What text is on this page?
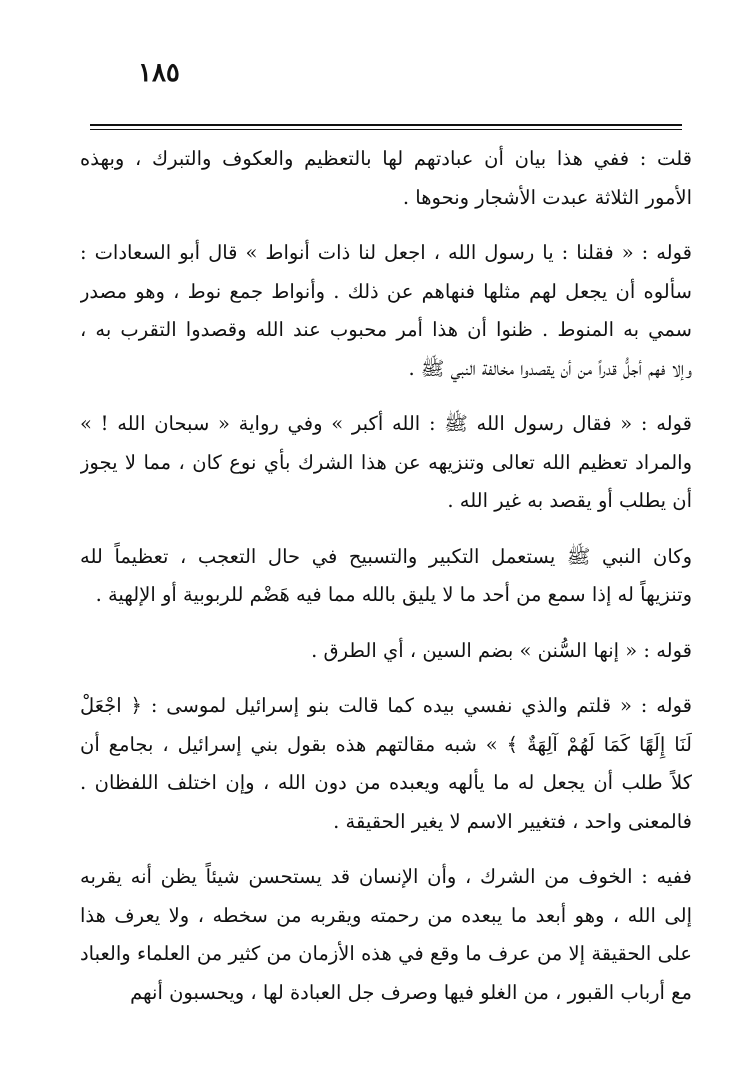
١٨٥
قلت : ففي هذا بيان أن عبادتهم لها بالتعظيم والعكوف والتبرك ، وبهذه
الأمور الثلاثة عبدت الأشجار ونحوها .
قوله : « فقلنا : يا رسول الله ، اجعل لنا ذات أنواط » قال أبو السعادات :
سألوه أن يجعل لهم مثلها فنهاهم عن ذلك . وأنواط جمع نوط ، وهو مصدر
سمي به المنوط . ظنوا أن هذا أمر محبوب عند الله وقصدوا التقرب به ،
وإلا فهم أجلُّ قدراً من أن يقصدوا مخالفة النبي ﷺ .
قوله : « فقال رسول الله ﷺ : الله أكبر » وفي رواية « سبحان الله ! »
والمراد تعظيم الله تعالى وتنزيهه عن هذا الشرك بأي نوع كان ، مما لا يجوز
أن يطلب أو يقصد به غير الله .
وكان النبي ﷺ يستعمل التكبير والتسبيح في حال التعجب ، تعظيماً لله
وتنزيهاً له إذا سمع من أحد ما لا يليق بالله مما فيه هَضْم للربوبية أو الإلهية .
قوله : « إنها السُّنن » بضم السين ، أي الطرق .
قوله : « قلتم والذي نفسي بيده كما قالت بنو إسرائيل لموسى : ﴿ اجْعَلْ
لَنَا إِلَهًا كَمَا لَهُمْ آلِهَةٌ ﴾ » شبه مقالتهم هذه بقول بني إسرائيل ، بجامع أن
كلاً طلب أن يجعل له ما يألهه ويعبده من دون الله ، وإن اختلف اللفظان .
فالمعنى واحد ، فتغيير الاسم لا يغير الحقيقة .
ففيه : الخوف من الشرك ، وأن الإنسان قد يستحسن شيئاً يظن أنه يقربه
إلى الله ، وهو أبعد ما يبعده من رحمته ويقربه من سخطه ، ولا يعرف هذا
على الحقيقة إلا من عرف ما وقع في هذه الأزمان من كثير من العلماء والعباد
مع أرباب القبور ، من الغلو فيها وصرف جل العبادة لها ، ويحسبون أنهم
